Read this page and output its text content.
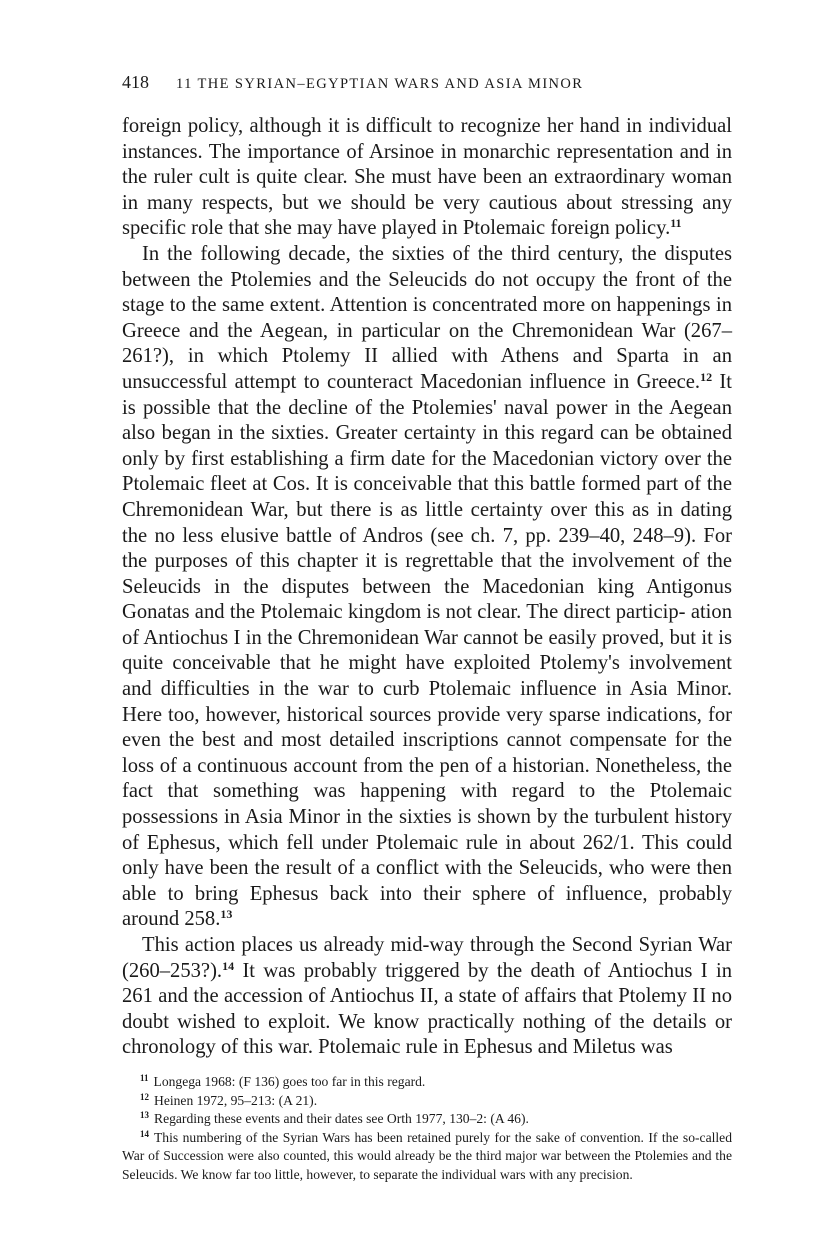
418	11 THE SYRIAN–EGYPTIAN WARS AND ASIA MINOR

foreign policy, although it is difficult to recognize her hand in individual instances. The importance of Arsinoe in monarchic representation and in the ruler cult is quite clear. She must have been an extraordinary woman in many respects, but we should be very cautious about stressing any specific role that she may have played in Ptolemaic foreign policy.$^{11}$

In the following decade, the sixties of the third century, the disputes between the Ptolemies and the Seleucids do not occupy the front of the stage to the same extent. Attention is concentrated more on happenings in Greece and the Aegean, in particular on the Chremonidean War (267–261?), in which Ptolemy II allied with Athens and Sparta in an unsuccessful attempt to counteract Macedonian influence in Greece.$^{12}$ It is possible that the decline of the Ptolemies' naval power in the Aegean also began in the sixties. Greater certainty in this regard can be obtained only by first establishing a firm date for the Macedonian victory over the Ptolemaic fleet at Cos. It is conceivable that this battle formed part of the Chremonidean War, but there is as little certainty over this as in dating the no less elusive battle of Andros (see ch. 7, pp. 239–40, 248–9). For the purposes of this chapter it is regrettable that the involvement of the Seleucids in the disputes between the Macedonian king Antigonus Gonatas and the Ptolemaic kingdom is not clear. The direct particip- ation of Antiochus I in the Chremonidean War cannot be easily proved, but it is quite conceivable that he might have exploited Ptolemy's involvement and difficulties in the war to curb Ptolemaic influence in Asia Minor. Here too, however, historical sources provide very sparse indications, for even the best and most detailed inscriptions cannot compensate for the loss of a continuous account from the pen of a historian. Nonetheless, the fact that something was happening with regard to the Ptolemaic possessions in Asia Minor in the sixties is shown by the turbulent history of Ephesus, which fell under Ptolemaic rule in about 262/1. This could only have been the result of a conflict with the Seleucids, who were then able to bring Ephesus back into their sphere of influence, probably around 258.13

This action places us already mid-way through the Second Syrian War (260–253?).$^{14}$ It was probably triggered by the death of Antiochus I in 261 and the accession of Antiochus II, a state of affairs that Ptolemy II no doubt wished to exploit. We know practically nothing of the details or chronology of this war. Ptolemaic rule in Ephesus and Miletus was

$^{11}$ Longega 1968: (F 136) goes too far in this regard.

$^{12}$ Heinen 1972, 95–213: (A 21).

$^{13}$ Regarding these events and their dates see Orth 1977, 130–2: (A 46).

$^{14}$ This numbering of the Syrian Wars has been retained purely for the sake of convention. If the so-called War of Succession were also counted, this would already be the third major war between the Ptolemies and the Seleucids. We know far too little, however, to separate the individual wars with any precision.
